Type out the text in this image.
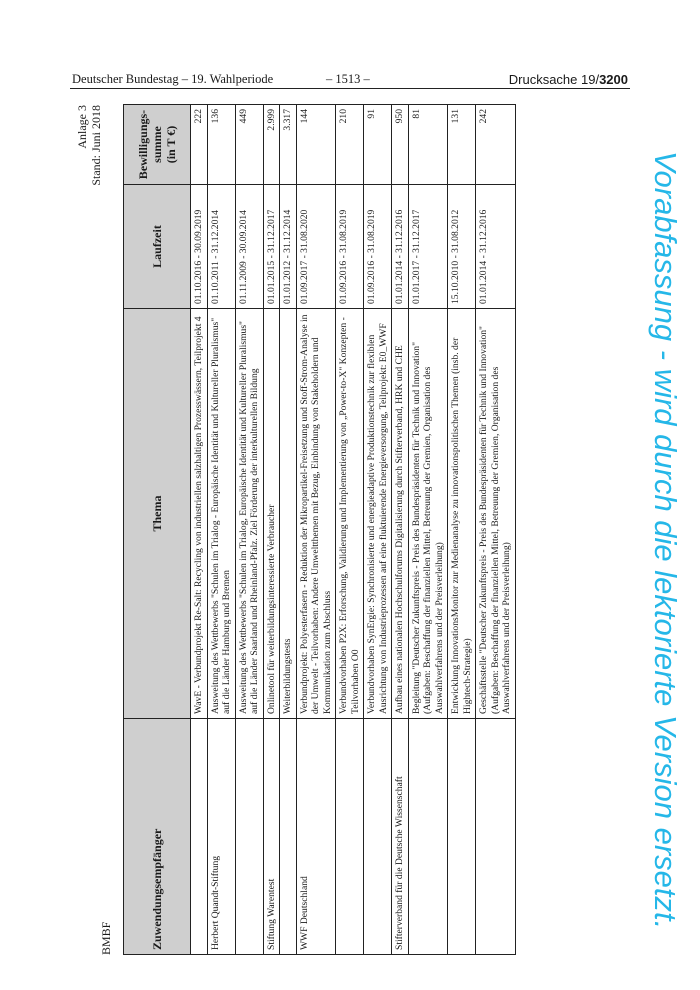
Deutscher Bundestag – 19. Wahlperiode	– 1513 –	Drucksache 19/3200
BMBF
Anlage 3 Stand: Juni 2018
Zuwendungsempfänger	Thema	Laufzeit	Bewilligungs- summe (in T €)

	WavE - Verbundprojekt Re-Salt: Recycling von industriellen salzhaltigen Prozesswässern, Teilprojekt 4	01.10.2016 - 30.09.2019	222
Herbert Quandt-Stiftung	Ausweitung des Wettbewerbs "Schulen im Trialog - Europäische Identität und Kultureller Pluralismus" auf die Länder Hamburg und Bremen	01.10.2011 - 31.12.2014	136
	Ausweitung des Wettbewerbs "Schulen im Trialog, Europäische Identität und Kultureller Pluralismus" auf die Länder Saarland und Rheinland-Pfalz. Ziel Förderung der interkulturellen Bildung	01.11.2009 - 30.09.2014	449
Stiftung Warentest	Onlinetool für weiterbildungsinteressierte Verbraucher	01.01.2015 - 31.12.2017	2.999
	Weiterbildungstests	01.01.2012 - 31.12.2014	3.317
WWF Deutschland	Verbundprojekt: Polyesterfasern - Reduktion der Mikropartikel-Freisetzung und Stoff-Strom-Analyse in der Umwelt - Teilvorhaben: Andere Umweltthemen mit Bezug, Einbindung von Stakeholdern und Kommunikation zum Abschluss	01.09.2017 - 31.08.2020	144
	Verbundvorhaben P2X: Erforschung, Validierung und Implementierung von „Power-to-X" Konzepten - Teilvorhaben O0	01.09.2016 - 31.08.2019	210
	Verbundvorhaben SynErgie: Synchronisierte und energieadaptive Produktionstechnik zur flexiblen Ausrichtung von Industrieprozessen auf eine fluktuierende Energieversorgung, Teilprojekt: E0_WWF	01.09.2016 - 31.08.2019	91
Stifterverband für die Deutsche Wissenschaft	Aufbau eines nationalen Hochschulforums Digitalisierung durch Stifterverband, HRK und CHE	01.01.2014 - 31.12.2016	950
	Begleitung "Deutscher Zukunftspreis - Preis des Bundespräsidenten für Technik und Innovation" (Aufgaben: Beschaffung der finanziellen Mittel, Betreuung der Gremien, Organisation des Auswahlverfahrens und der Preisverleihung)	01.01.2017 - 31.12.2017	81
	Entwicklung InnovationsMonitor zur Medienanalyse zu innovationspolitischen Themen (insb. der Hightech-Strategie)	15.10.2010 - 31.08.2012	131
	Geschäftsstelle "Deutscher Zukunftspreis - Preis des Bundespräsidenten für Technik und Innovation" (Aufgaben: Beschaffung der finanziellen Mittel, Betreuung der Gremien, Organisation des Auswahlverfahrens und der Preisverleihung)	01.01.2014 - 31.12.2016	242
Vorabfassung - wird durch die lektorierte Version ersetzt.
